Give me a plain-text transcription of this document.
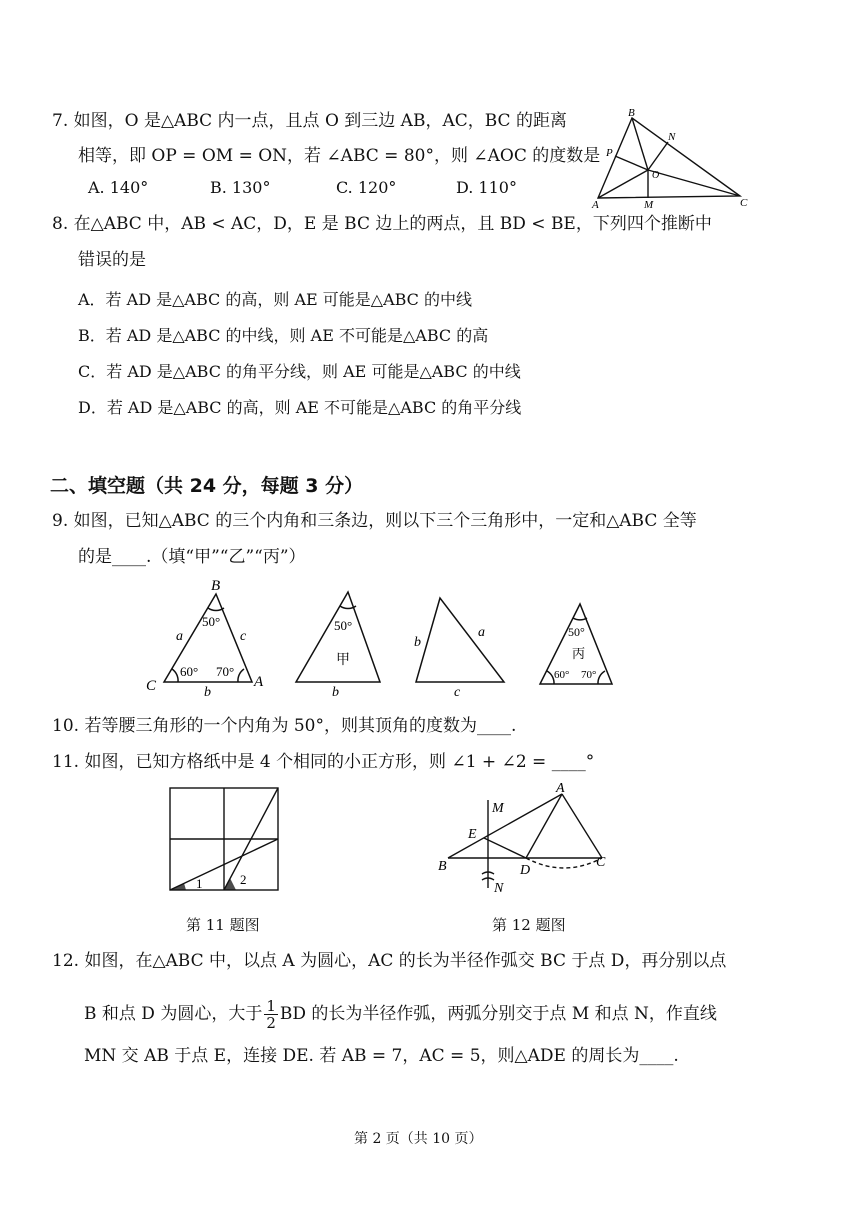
7. 如图，O 是△ABC 内一点，且点 O 到三边 AB，AC，BC 的距离
相等，即 OP = OM = ON，若 ∠ABC = 80°，则 ∠AOC 的度数是
A. 140°	B. 130°	C. 120°	D. 110°
B
N
P
O
A	M	C
8. 在△ABC 中，AB < AC，D，E 是 BC 边上的两点，且 BD < BE，下列四个推断中
错误的是
A．若 AD 是△ABC 的高，则 AE 可能是△ABC 的中线
B．若 AD 是△ABC 的中线，则 AE 不可能是△ABC 的高
C．若 AD 是△ABC 的角平分线，则 AE 可能是△ABC 的中线
D．若 AD 是△ABC 的高，则 AE 不可能是△ABC 的角平分线
二、填空题（共 24 分，每题 3 分）
9. 如图，已知△ABC 的三个内角和三条边，则以下三个三角形中，一定和△ABC 全等
的是____.（填“甲”“乙”“丙”）
B
C	A
a	c
b
50°
60° 70°
50°
甲
b
b
a
c
50°
丙
60° 70°
10. 若等腰三角形的一个内角为 50°，则其顶角的度数为____.
11. 如图，已知方格纸中是 4 个相同的小正方形，则 ∠1 + ∠2 = ____°
1	2
第 11 题图
M
A
E
B	D
C
N
第 12 题图
12. 如图，在△ABC 中，以点 A 为圆心，AC 的长为半径作弧交 BC 于点 D，再分别以点
B 和点 D 为圆心，大于 $\frac{1}{2}$ BD 的长为半径作弧，两弧分别交于点 M 和点 N，作直线
MN 交 AB 于点 E，连接 DE. 若 AB = 7，AC = 5，则△ADE 的周长为____.
第 2 页（共 10 页）
